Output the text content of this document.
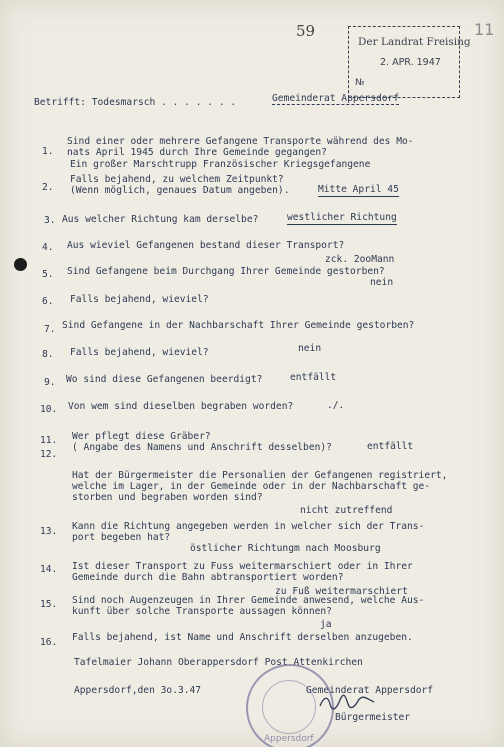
59	11
Der Landrat Freising
2. APR. 1947
№
Betrifft: Todesmarsch . . . . . . .	Gemeinderat Appersdorf
1.
Sind einer oder mehrere Gefangene Transporte während des Mo-
nats April 1945 durch Ihre Gemeinde gegangen?
Ein großer Marschtrupp Französischer Kriegsgefangene
2.
Falls bejahend, zu welchem Zeitpunkt?
(Wenn möglich, genaues Datum angeben).	Mitte April 45
3. Aus welcher Richtung kam derselbe?	westlicher Richtung
4. Aus wieviel Gefangenen bestand dieser Transport?
zck. 2ooMann
5. Sind Gefangene beim Durchgang Ihrer Gemeinde gestorben?
nein
6. Falls bejahend, wieviel?
7. Sind Gefangene in der Nachbarschaft Ihrer Gemeinde gestorben?
8. Falls bejahend, wieviel?	nein
9. Wo sind diese Gefangenen beerdigt?	entfällt
10. Von wem sind dieselben begraben worden?	./.
11. Wer pflegt diese Gräber?
( Angabe des Namens und Anschrift desselben)?	entfällt
12.
Hat der Bürgermeister die Personalien der Gefangenen registriert,
welche im Lager, in der Gemeinde oder in der Nachbarschaft ge-
storben und begraben worden sind?
nicht zutreffend
13. Kann die Richtung angegeben werden in welcher sich der Trans-
port begeben hat?
östlicher Richtungm nach Moosburg
14. Ist dieser Transport zu Fuss weitermarschiert oder in Ihrer
Gemeinde durch die Bahn abtransportiert worden?
zu Fuß weitermarschiert
15. Sind noch Augenzeugen in Ihrer Gemeinde anwesend, welche Aus-
kunft über solche Transporte aussagen können?
ja
16. Falls bejahend, ist Name und Anschrift derselben anzugeben.
Tafelmaier Johann Oberappersdorf Post Attenkirchen
Appersdorf,den 3o.3.47	Gemeinderat Appersdorf
Bürgermeister
Appersdorf
